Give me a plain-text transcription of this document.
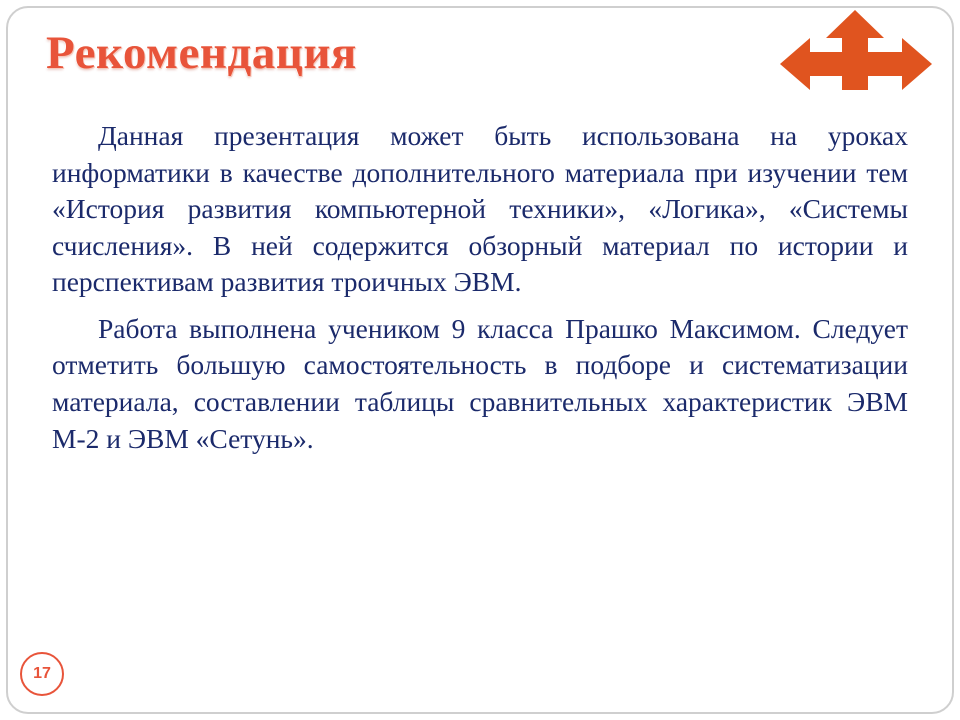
Рекомендация

Данная презентация может быть использована на уроках информатики в качестве дополнительного материала при изучении тем «История развития компьютерной техники», «Логика», «Системы счисления». В ней содержится обзорный материал по истории и перспективам развития троичных ЭВМ.

Работа выполнена учеником 9 класса Прашко Максимом. Следует отметить большую самостоятельность в подборе и систематизации материала, составлении таблицы сравнительных характеристик ЭВМ М-2 и ЭВМ «Сетунь».

17
